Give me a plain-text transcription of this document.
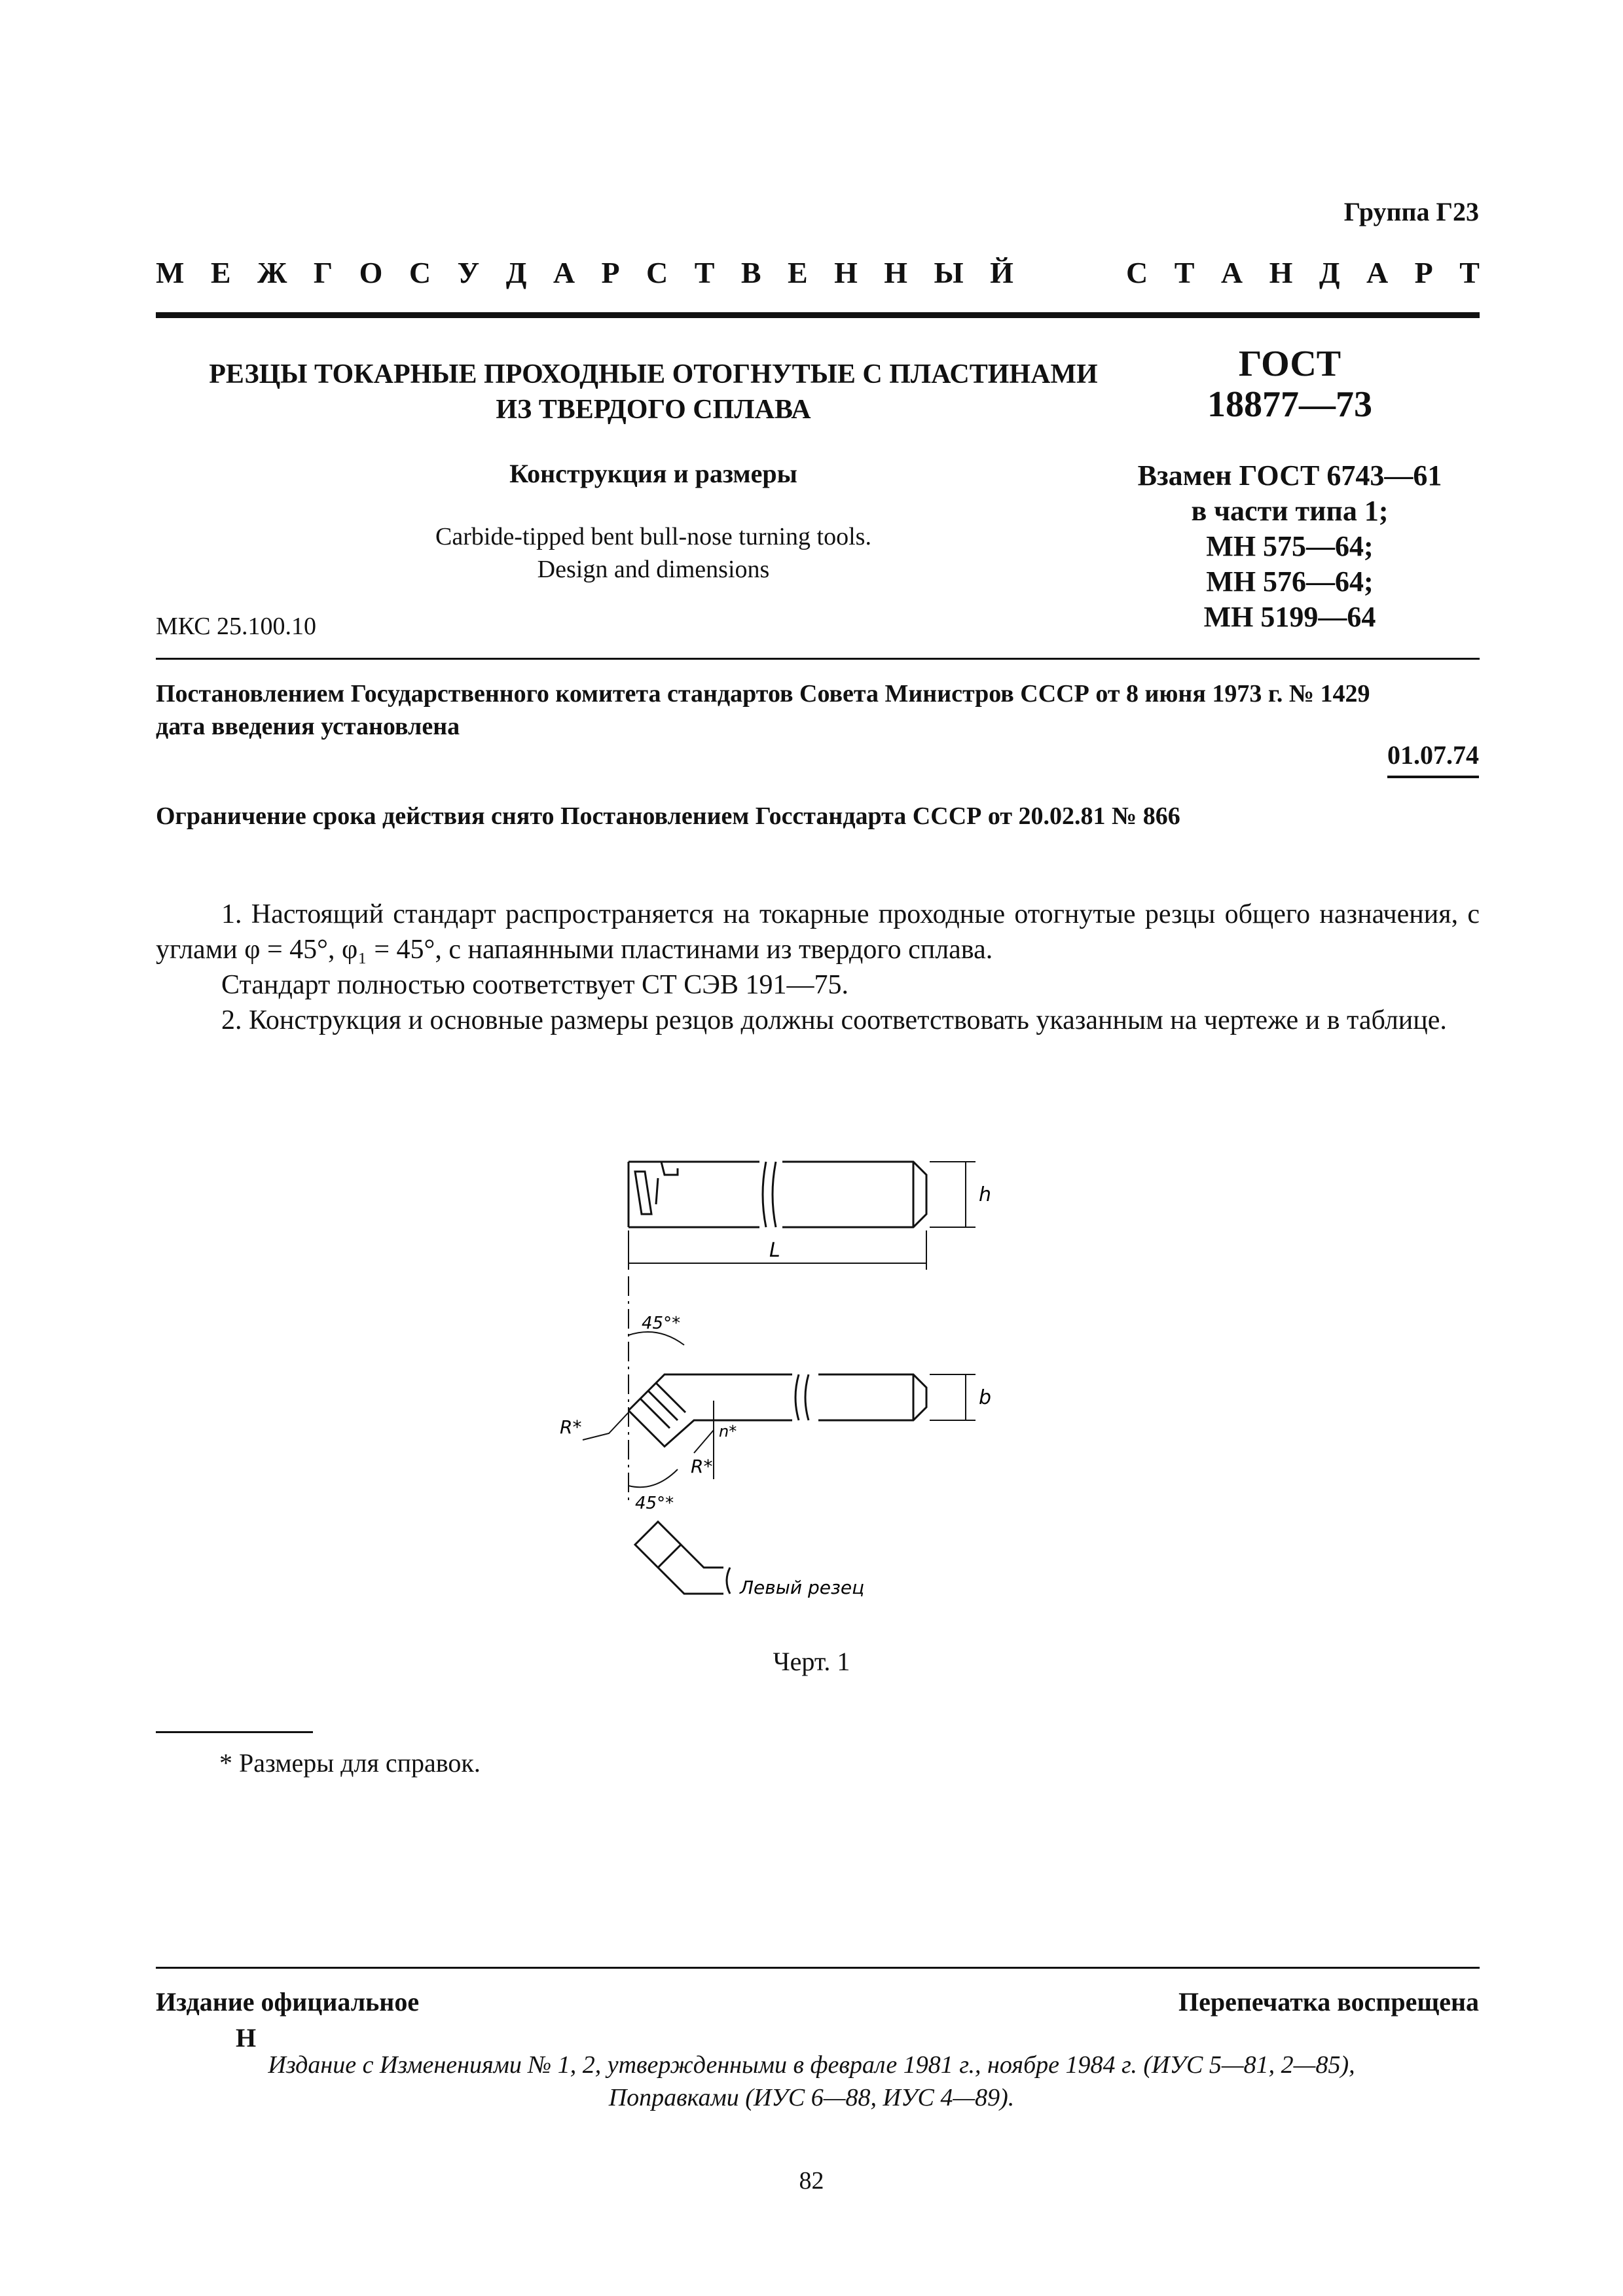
Группа Г23
М Е Ж Г О С У Д А Р С Т В Е Н Н Ы Й	С Т А Н Д А Р Т
РЕЗЦЫ ТОКАРНЫЕ ПРОХОДНЫЕ ОТОГНУТЫЕ С ПЛАСТИНАМИ
ИЗ ТВЕРДОГО СПЛАВА
ГОСТ
18877—73
Конструкция и размеры
Carbide-tipped bent bull-nose turning tools.
Design and dimensions
Взамен ГОСТ 6743—61
в части типа 1;
МН 575—64;
МН 576—64;
МН 5199—64
МКС 25.100.10
Постановлением Государственного комитета стандартов Совета Министров СССР от 8 июня 1973 г. № 1429
дата введения установлена
01.07.74
Ограничение срока действия снято Постановлением Госстандарта СССР от 20.02.81 № 866
1. Настоящий стандарт распространяется на токарные проходные отогнутые резцы общего назначения, с углами φ = 45°, φ₁ = 45°, с напаянными пластинами из твердого сплава.
Стандарт полностью соответствует СТ СЭВ 191—75.
2. Конструкция и основные размеры резцов должны соответствовать указанным на чертеже и в таблице.
h
L
b
45°*
45°*
R*
R*
n*
Левый резец
Черт. 1
* Размеры для справок.
Издание официальное
Н
Перепечатка воспрещена
Издание с Изменениями № 1, 2, утвержденными в феврале 1981 г., ноябре 1984 г. (ИУС 5—81, 2—85),
Поправками (ИУС 6—88, ИУС 4—89).
82
